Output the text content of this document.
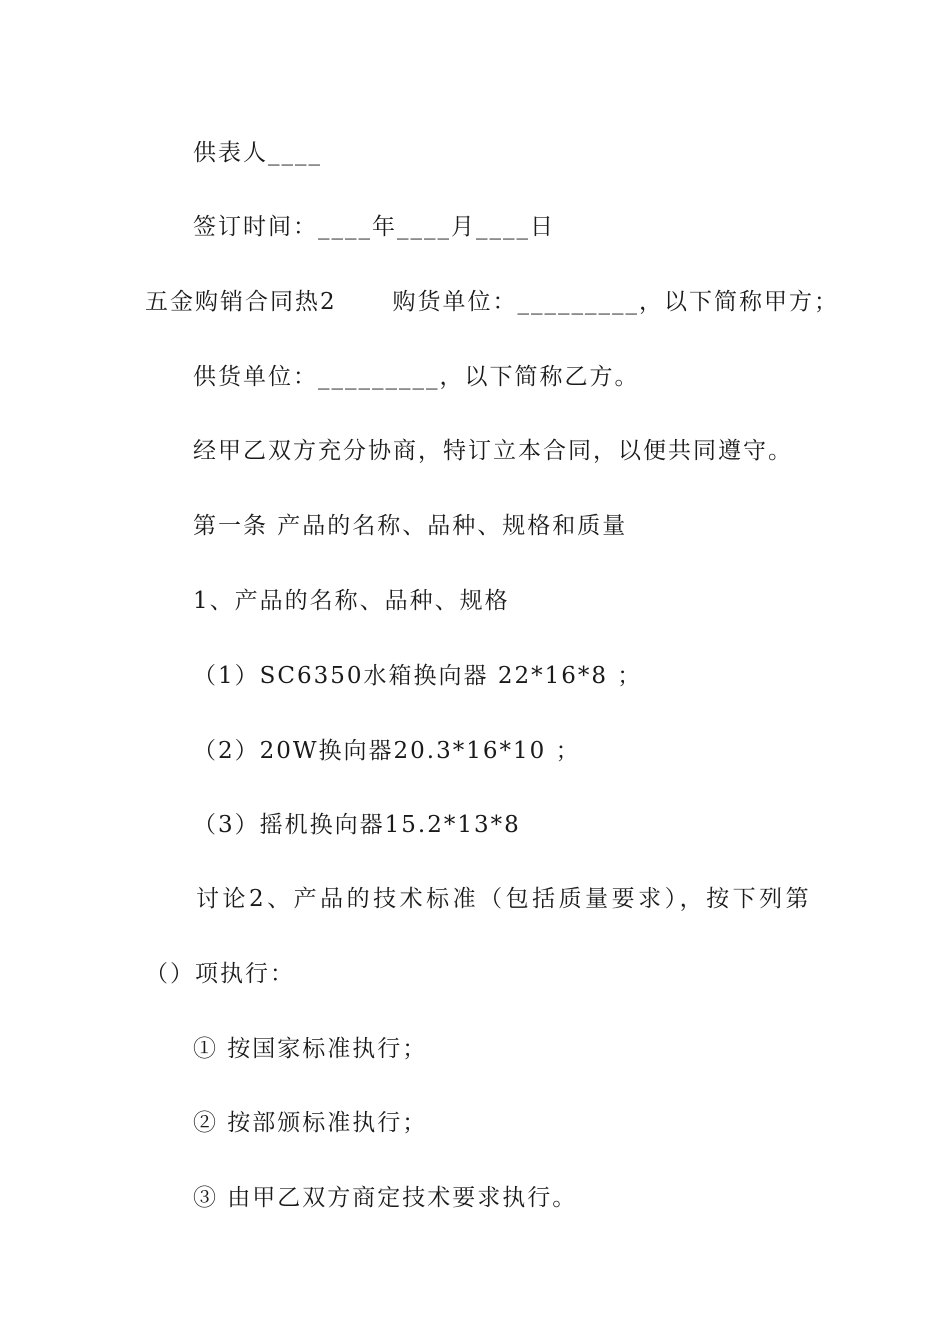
供表人____
签订时间：____年____月____日
五金购销合同热2      购货单位：_________，以下简称甲方；
供货单位：_________，以下简称乙方。
经甲乙双方充分协商，特订立本合同，以便共同遵守。
第一条 产品的名称、品种、规格和质量
1、产品的名称、品种、规格
（1）SC6350水箱换向器 22*16*8 ；
（2）20W换向器20.3*16*10 ；
（3）摇机换向器15.2*13*8
讨论2、产品的技术标准（包括质量要求），按下列第
（）项执行：
① 按国家标准执行；
② 按部颁标准执行；
③ 由甲乙双方商定技术要求执行。
